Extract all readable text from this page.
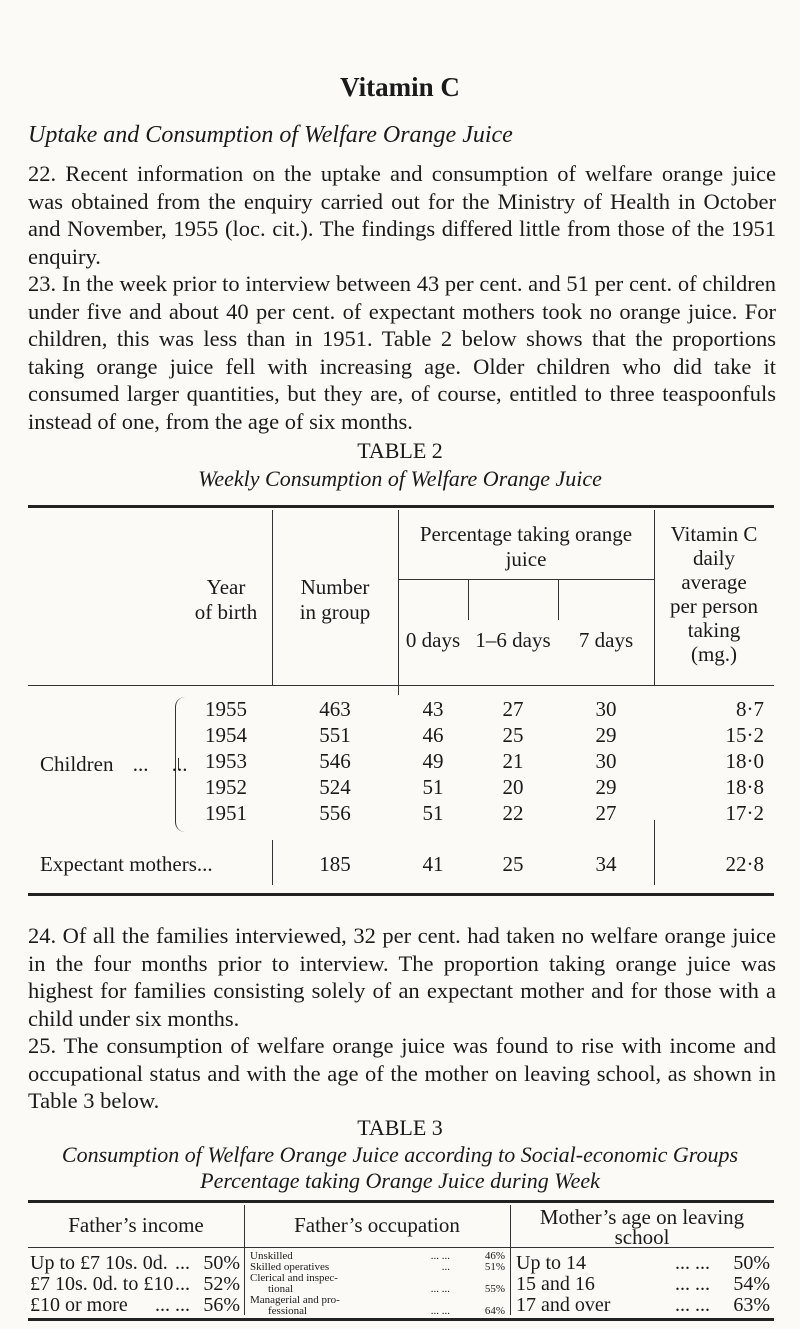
Vitamin C
Uptake and Consumption of Welfare Orange Juice
22. Recent information on the uptake and consumption of welfare orange juice was obtained from the enquiry carried out for the Ministry of Health in October and November, 1955 (loc. cit.). The findings differed little from those of the 1951 enquiry.
23. In the week prior to interview between 43 per cent. and 51 per cent. of children under five and about 40 per cent. of expectant mothers took no orange juice. For children, this was less than in 1951. Table 2 below shows that the proportions taking orange juice fell with increasing age. Older children who did take it consumed larger quantities, but they are, of course, entitled to three teaspoonfuls instead of one, from the age of six months.
TABLE 2
Weekly Consumption of Welfare Orange Juice
Year
of birth
Number
in group
Percentage taking orange juice
0 days 1–6 days	7 days
Vitamin C
daily
average
per person
taking
(mg.)
Children ... ...
1955	463	43	27	30	8·7
1954	551	46	25	29	15·2
1953	546	49	21	30	18·0
1952	524	51	20	29	18·8
1951	556	51	22	27	17·2
Expectant mothers...	185	41	25	34	22·8
24. Of all the families interviewed, 32 per cent. had taken no welfare orange juice in the four months prior to interview. The proportion taking orange juice was highest for families consisting solely of an expectant mother and for those with a child under six months.
25. The consumption of welfare orange juice was found to rise with income and occupational status and with the age of the mother on leaving school, as shown in Table 3 below.
TABLE 3
Consumption of Welfare Orange Juice according to Social-economic Groups
Percentage taking Orange Juice during Week
Father’s income	Father’s occupation	Mother’s age on leaving
school
Up to £7 10s. 0d. ... 50%
£7 10s. 0d. to £10 ... 52%
£10 or more ... ... 56%
Unskilled	... ...	46%
Skilled operatives	...	51%
Clerical and inspec-
tional	... ...	55%
Managerial and pro-
fessional	... ...	64%
Up to 14	... ...	50%
15 and 16	... ...	54%
17 and over	... ...	63%
